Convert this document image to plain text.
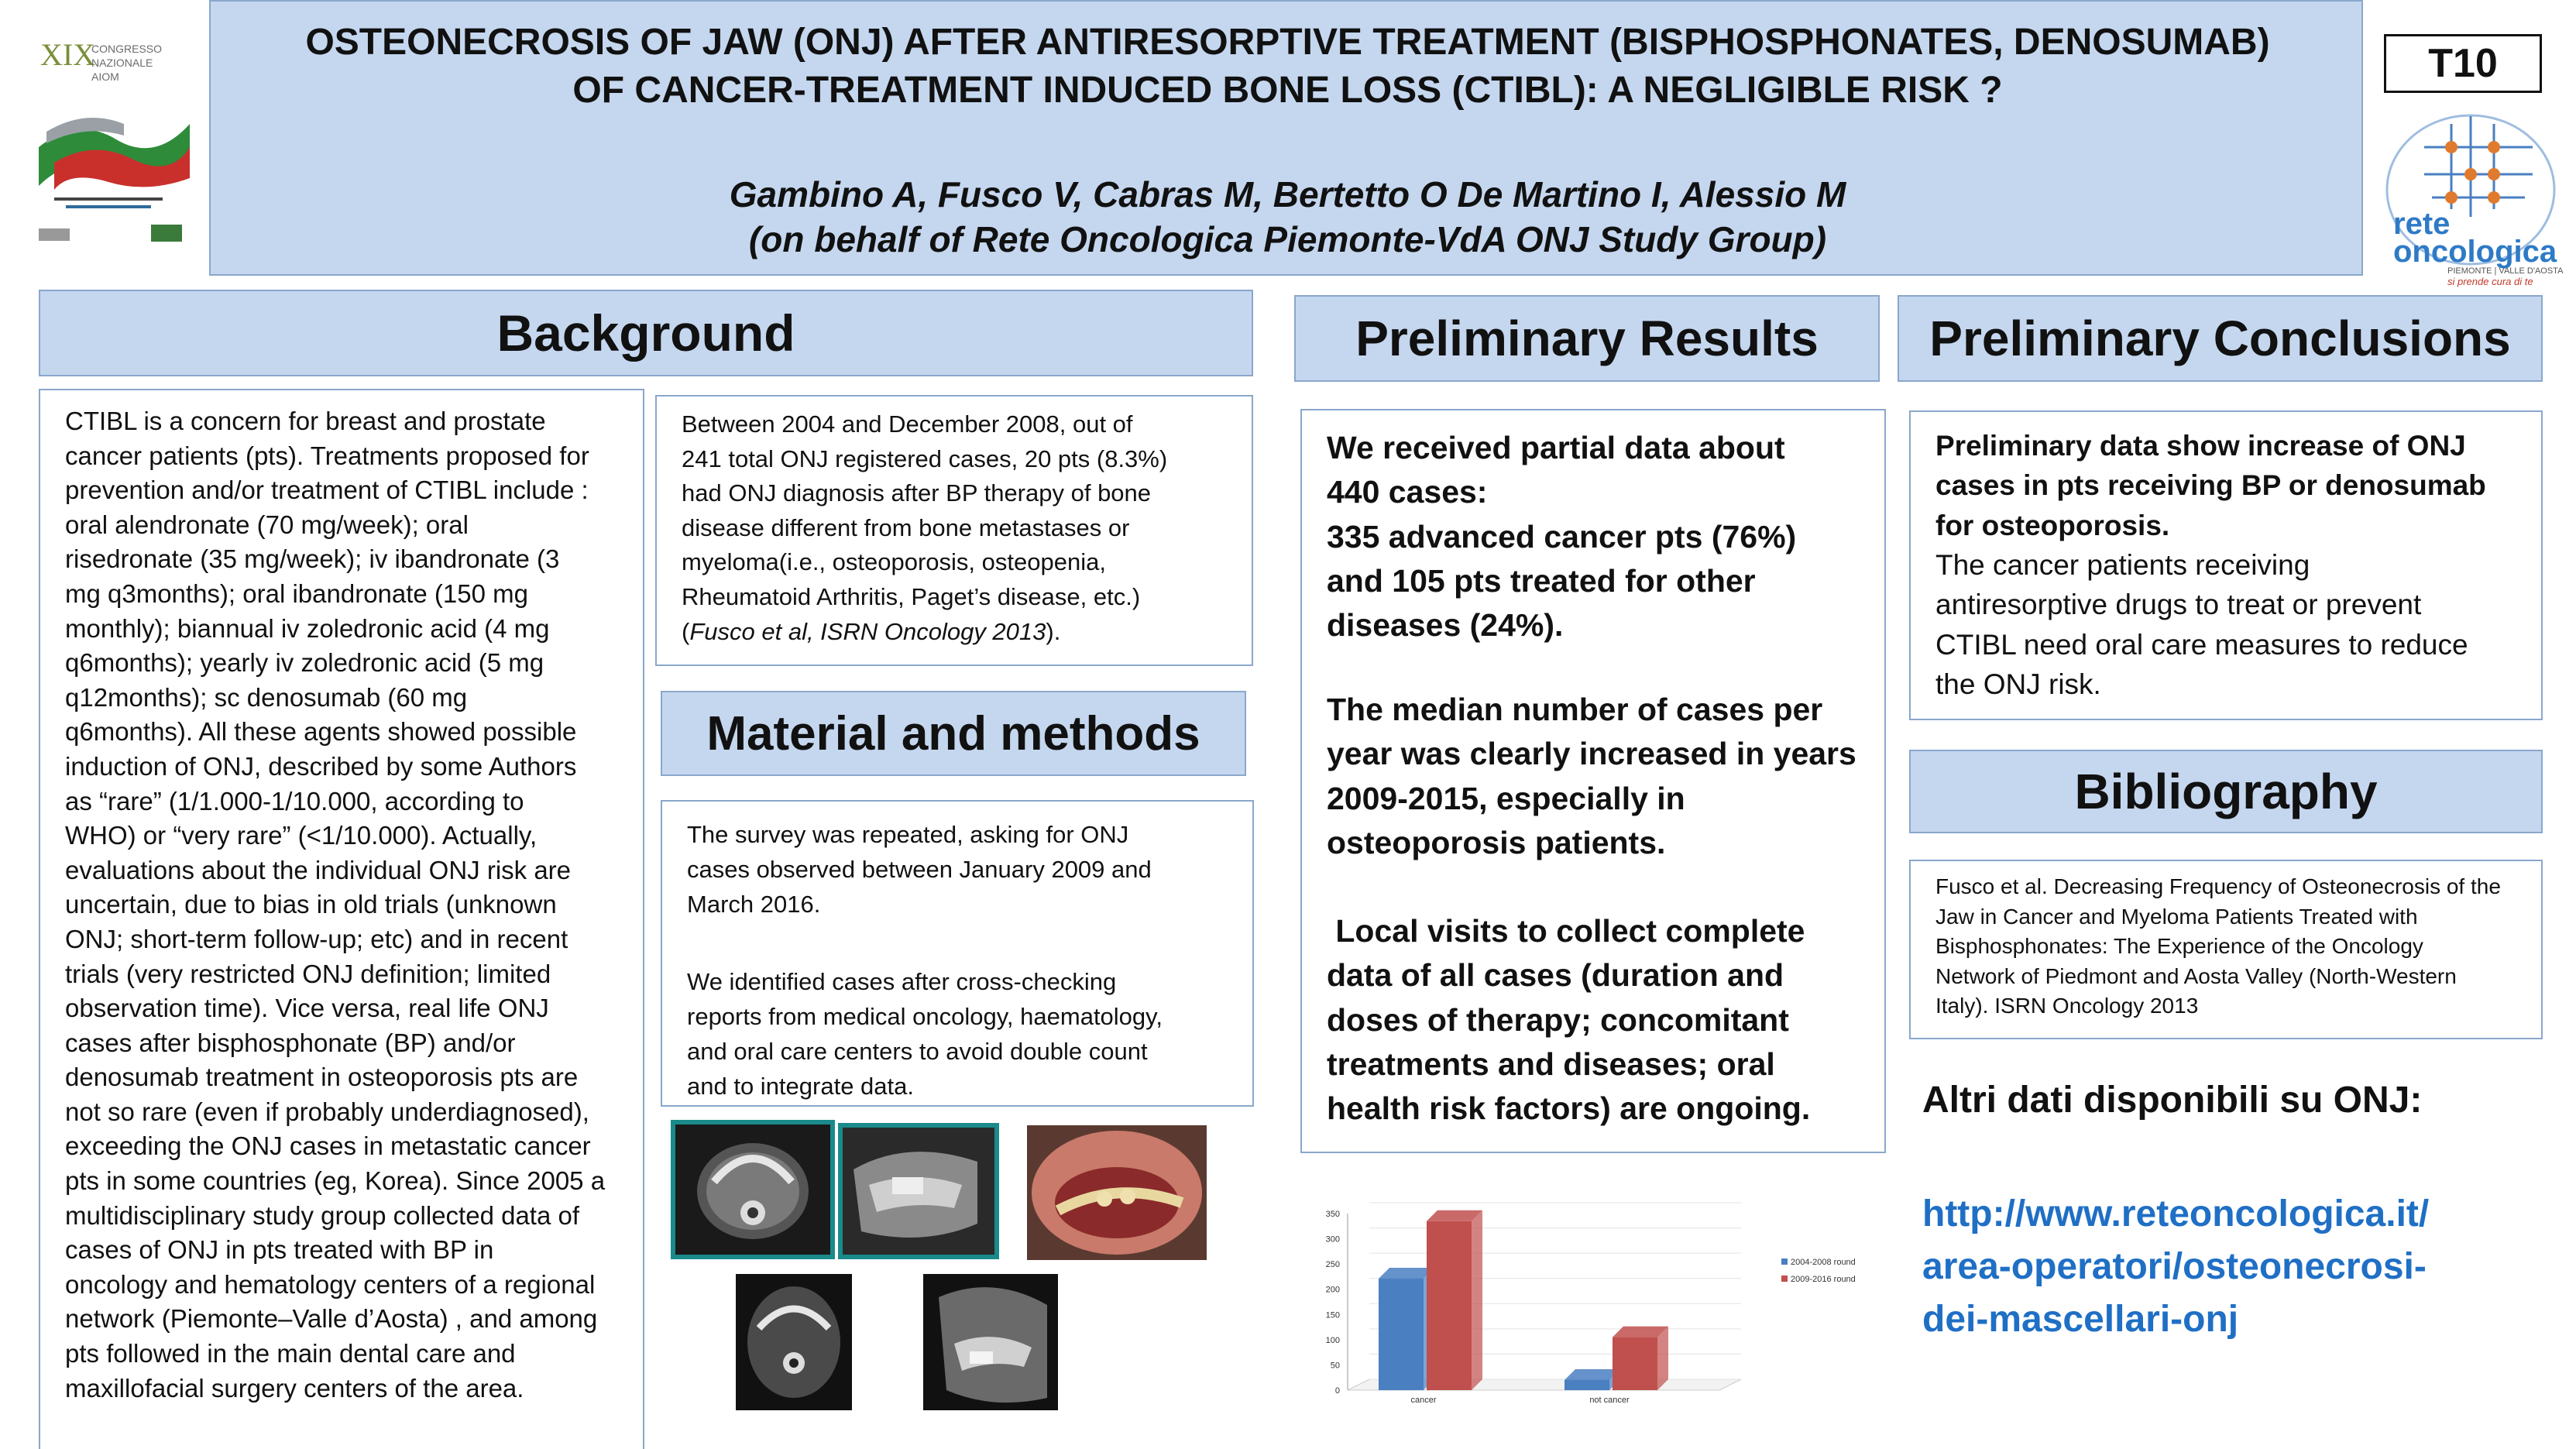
XIX
CONGRESSO
NAZIONALE
AIOM
OSTEONECROSIS OF JAW (ONJ) AFTER ANTIRESORPTIVE TREATMENT (BISPHOSPHONATES, DENOSUMAB)
OF CANCER-TREATMENT INDUCED BONE LOSS (CTIBL): A NEGLIGIBLE RISK ?
Gambino A, Fusco V, Cabras M, Bertetto O De Martino I, Alessio M
(on behalf of Rete Oncologica Piemonte-VdA ONJ Study Group)
T10
rete
oncologica
PIEMONTE | VALLE D'AOSTA
si prende cura di te
Background
CTIBL is a concern for breast and prostate
cancer patients (pts). Treatments proposed for
prevention and/or treatment of CTIBL include :
oral alendronate (70 mg/week); oral
risedronate (35 mg/week); iv ibandronate (3
mg q3months); oral ibandronate (150 mg
monthly); biannual iv zoledronic acid (4 mg
q6months); yearly iv zoledronic acid (5 mg
q12months); sc denosumab (60 mg
q6months). All these agents showed possible
induction of ONJ, described by some Authors
as “rare” (1/1.000-1/10.000, according to
WHO) or “very rare” (<1/10.000). Actually,
evaluations about the individual ONJ risk are
uncertain, due to bias in old trials (unknown
ONJ; short-term follow-up; etc) and in recent
trials (very restricted ONJ definition; limited
observation time). Vice versa, real life ONJ
cases after bisphosphonate (BP) and/or
denosumab treatment in osteoporosis pts are
not so rare (even if probably underdiagnosed),
exceeding the ONJ cases in metastatic cancer
pts in some countries (eg, Korea). Since 2005 a
multidisciplinary study group collected data of
cases of ONJ in pts treated with BP in
oncology and hematology centers of a regional
network (Piemonte–Valle d’Aosta) , and among
pts followed in the main dental care and
maxillofacial surgery centers of the area.
Between 2004 and December 2008, out of
241 total ONJ registered cases, 20 pts (8.3%)
had ONJ diagnosis after BP therapy of bone
disease different from bone metastases or
myeloma(i.e., osteoporosis, osteopenia,
Rheumatoid Arthritis, Paget’s disease, etc.)
(Fusco et al, ISRN Oncology 2013).
Material and methods
The survey was repeated, asking for ONJ
cases observed between January 2009 and
March 2016.
We identified cases after cross-checking
reports from medical oncology, haematology,
and oral care centers to avoid double count
and to integrate data.
Preliminary Results
We received partial data about
440 cases:
335 advanced cancer pts (76%)
and 105 pts treated for other
diseases (24%).
The median number of cases per
year was clearly increased in years
2009-2015, especially in
osteoporosis patients.
Local visits to collect complete
data of all cases (duration and
doses of therapy; concomitant
treatments and diseases; oral
health risk factors) are ongoing.
0
50
100
150
200
250
300
350
cancer	not cancer
2004-2008 round
2009-2016 round
Preliminary Conclusions
Preliminary data show increase of ONJ
cases in pts receiving BP or denosumab
for osteoporosis.
The cancer patients receiving
antiresorptive drugs to treat or prevent
CTIBL need oral care measures to reduce
the ONJ risk.
Bibliography
Fusco et al. Decreasing Frequency of Osteonecrosis of the
Jaw in Cancer and Myeloma Patients Treated with
Bisphosphonates: The Experience of the Oncology
Network of Piedmont and Aosta Valley (North-Western
Italy). ISRN Oncology 2013
Altri dati disponibili su ONJ:
http://www.reteoncologica.it/
area-operatori/osteonecrosi-
dei-mascellari-onj
